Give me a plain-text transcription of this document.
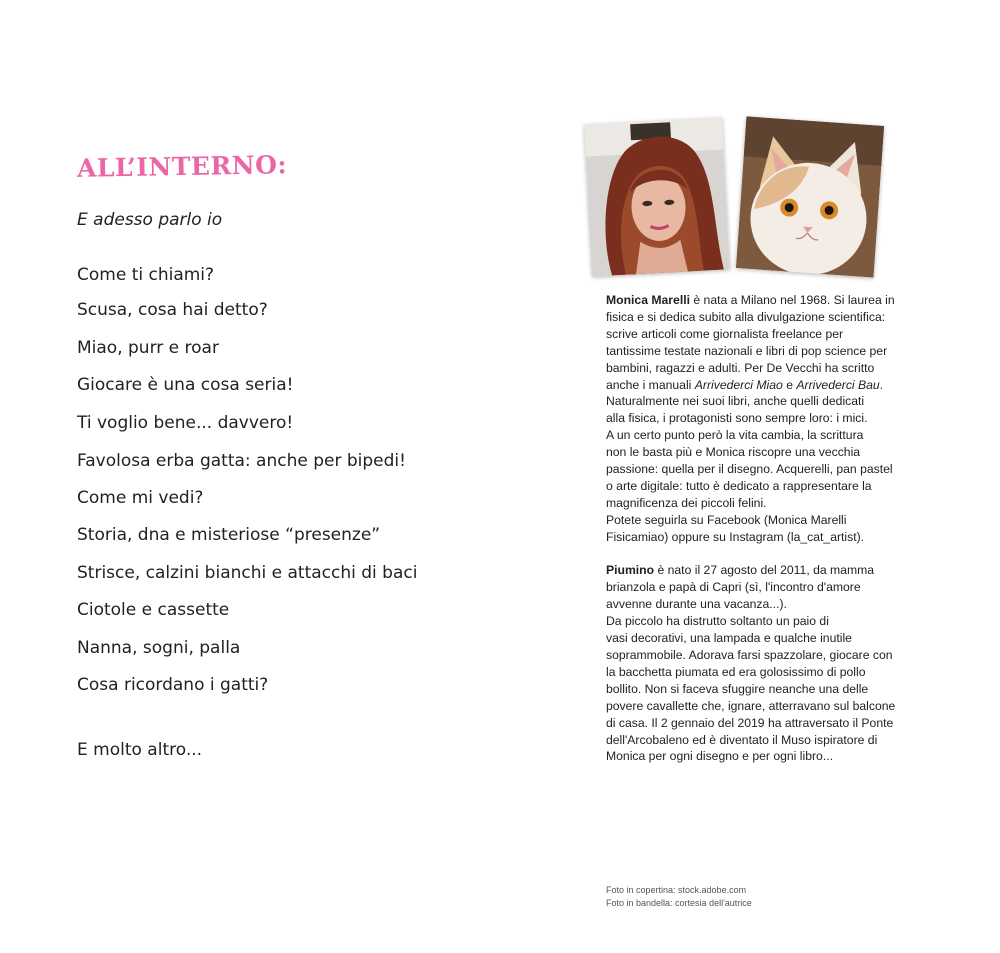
ALL’INTERNO:
E adesso parlo io
Come ti chiami?
Scusa, cosa hai detto?
Miao, purr e roar
Giocare è una cosa seria!
Ti voglio bene... davvero!
Favolosa erba gatta: anche per bipedi!
Come mi vedi?
Storia, dna e misteriose “presenze”
Strisce, calzini bianchi e attacchi di baci
Ciotole e cassette
Nanna, sogni, palla
Cosa ricordano i gatti?
E molto altro...
Monica Marelli è nata a Milano nel 1968. Si laurea in
fisica e si dedica subito alla divulgazione scientifica:
scrive articoli come giornalista freelance per
tantissime testate nazionali e libri di pop science per
bambini, ragazzi e adulti. Per De Vecchi ha scritto
anche i manuali Arrivederci Miao e Arrivederci Bau.
Naturalmente nei suoi libri, anche quelli dedicati
alla fisica, i protagonisti sono sempre loro: i mici.
A un certo punto però la vita cambia, la scrittura
non le basta più e Monica riscopre una vecchia
passione: quella per il disegno. Acquerelli, pan pastel
o arte digitale: tutto è dedicato a rappresentare la
magnificenza dei piccoli felini.
Potete seguirla su Facebook (Monica Marelli
Fisicamiao) oppure su Instagram (la_cat_artist).
Piumino è nato il 27 agosto del 2011, da mamma
brianzola e papà di Capri (sì, l'incontro d'amore
avvenne durante una vacanza...).
Da piccolo ha distrutto soltanto un paio di
vasi decorativi, una lampada e qualche inutile
soprammobile. Adorava farsi spazzolare, giocare con
la bacchetta piumata ed era golosissimo di pollo
bollito. Non si faceva sfuggire neanche una delle
povere cavallette che, ignare, atterravano sul balcone
di casa. Il 2 gennaio del 2019 ha attraversato il Ponte
dell'Arcobaleno ed è diventato il Muso ispiratore di
Monica per ogni disegno e per ogni libro...
Foto in copertina: stock.adobe.com
Foto in bandella: cortesia dell'autrice
